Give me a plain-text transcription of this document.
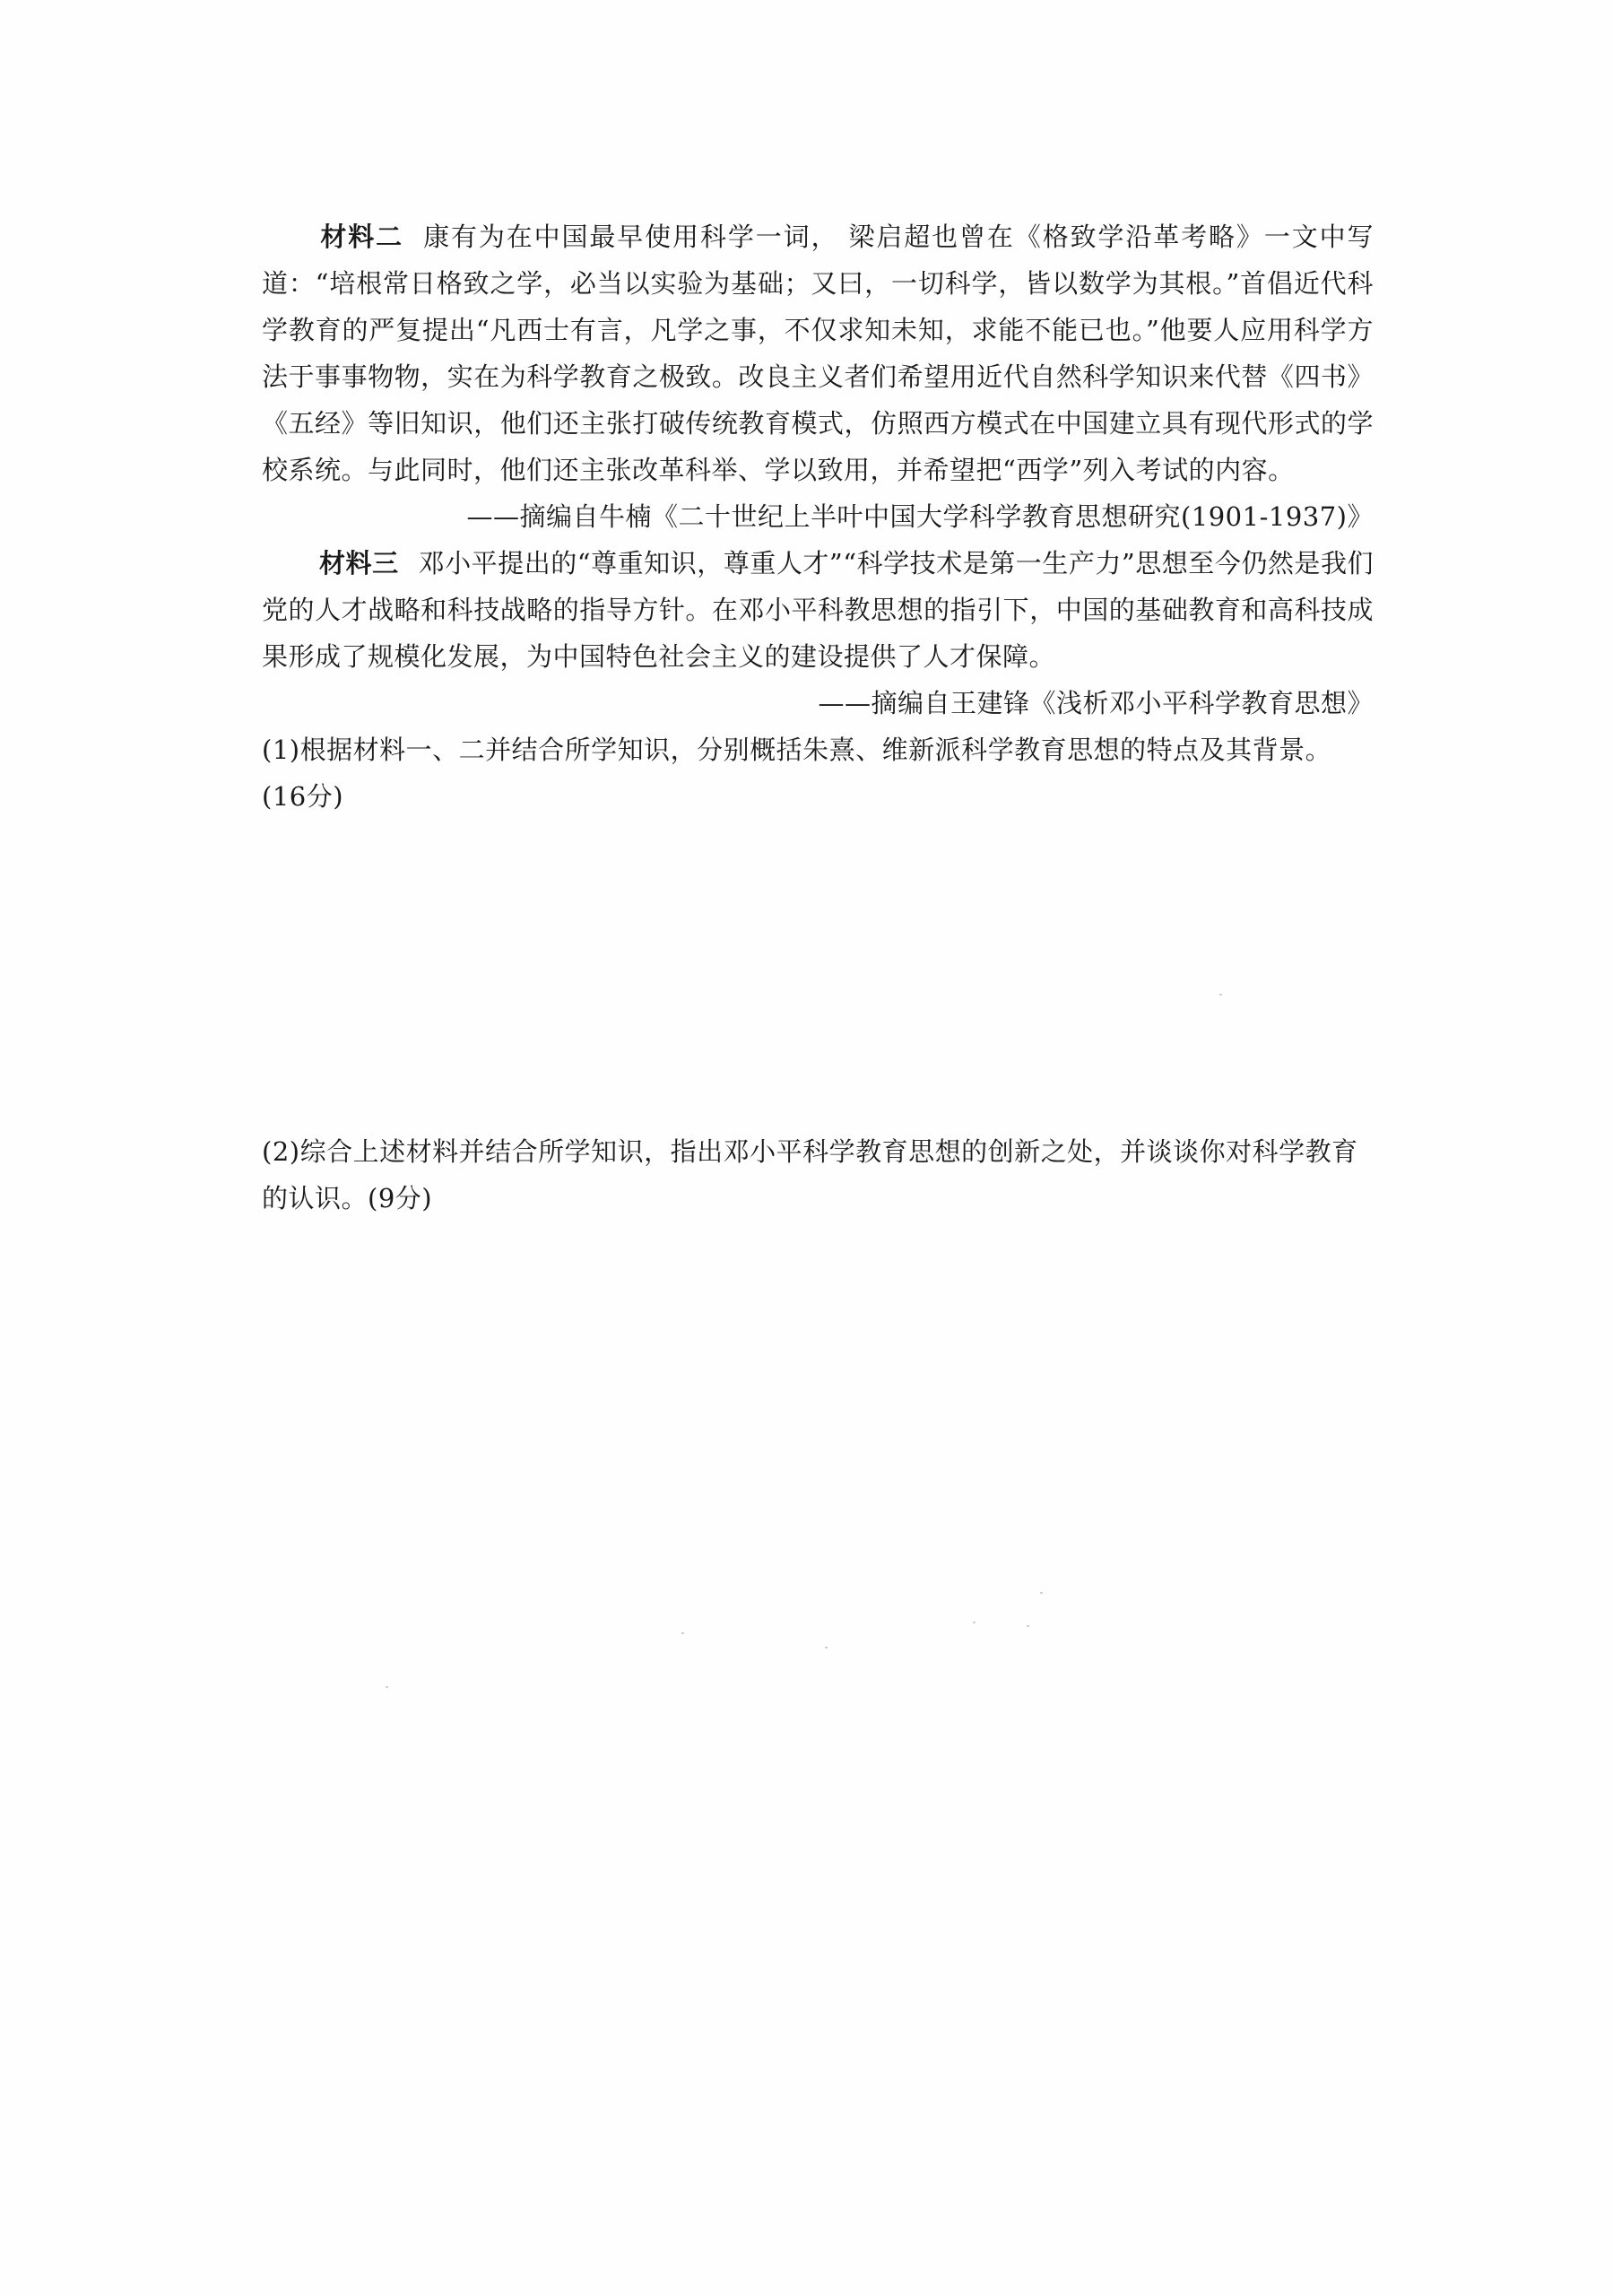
材料二 康有为在中国最早使用科学一词， 梁启超也曾在《格致学沿革考略》一文中写道：“培根常日格致之学，必当以实验为基础；又曰，一切科学，皆以数学为其根。”首倡近代科学教育的严复提出“凡西士有言，凡学之事，不仅求知未知，求能不能已也。”他要人应用科学方法于事事物物，实在为科学教育之极致。改良主义者们希望用近代自然科学知识来代替《四书》《五经》等旧知识，他们还主张打破传统教育模式，仿照西方模式在中国建立具有现代形式的学校系统。与此同时，他们还主张改革科举、学以致用，并希望把“西学”列入考试的内容。

——摘编自牛楠《二十世纪上半叶中国大学科学教育思想研究(1901-1937)》

材料三 邓小平提出的“尊重知识，尊重人才”“科学技术是第一生产力”思想至今仍然是我们党的人才战略和科技战略的指导方针。在邓小平科教思想的指引下，中国的基础教育和高科技成果形成了规模化发展，为中国特色社会主义的建设提供了人才保障。

——摘编自王建锋《浅析邓小平科学教育思想》

(1)根据材料一、二并结合所学知识，分别概括朱熹、维新派科学教育思想的特点及其背景。(16分)

(2)综合上述材料并结合所学知识，指出邓小平科学教育思想的创新之处，并谈谈你对科学教育的认识。(9分)
